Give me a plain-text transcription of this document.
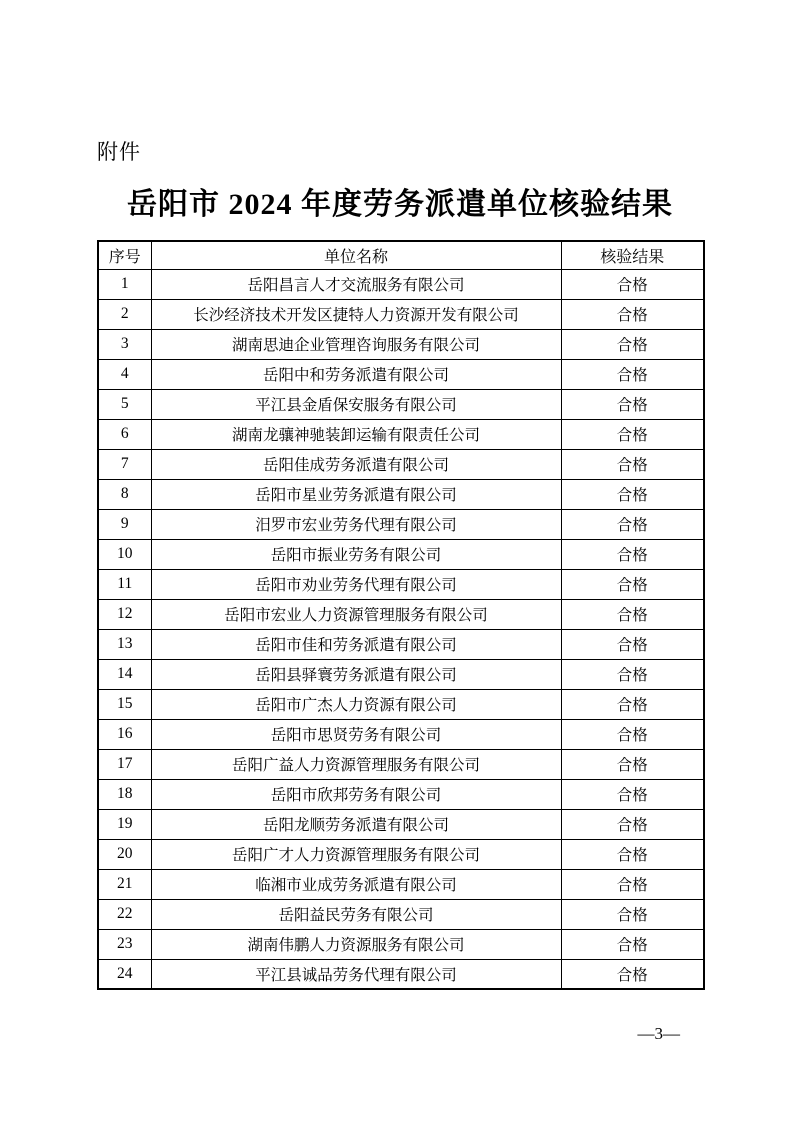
附件
岳阳市 2024 年度劳务派遣单位核验结果
序号	单位名称	核验结果
1	岳阳昌言人才交流服务有限公司	合格
2	长沙经济技术开发区捷特人力资源开发有限公司	合格
3	湖南思迪企业管理咨询服务有限公司	合格
4	岳阳中和劳务派遣有限公司	合格
5	平江县金盾保安服务有限公司	合格
6	湖南龙骧神驰装卸运输有限责任公司	合格
7	岳阳佳成劳务派遣有限公司	合格
8	岳阳市星业劳务派遣有限公司	合格
9	汨罗市宏业劳务代理有限公司	合格
10	岳阳市振业劳务有限公司	合格
11	岳阳市劝业劳务代理有限公司	合格
12	岳阳市宏业人力资源管理服务有限公司	合格
13	岳阳市佳和劳务派遣有限公司	合格
14	岳阳县驿寰劳务派遣有限公司	合格
15	岳阳市广杰人力资源有限公司	合格
16	岳阳市思贤劳务有限公司	合格
17	岳阳广益人力资源管理服务有限公司	合格
18	岳阳市欣邦劳务有限公司	合格
19	岳阳龙顺劳务派遣有限公司	合格
20	岳阳广才人力资源管理服务有限公司	合格
21	临湘市业成劳务派遣有限公司	合格
22	岳阳益民劳务有限公司	合格
23	湖南伟鹏人力资源服务有限公司	合格
24	平江县诚品劳务代理有限公司	合格
—3—
